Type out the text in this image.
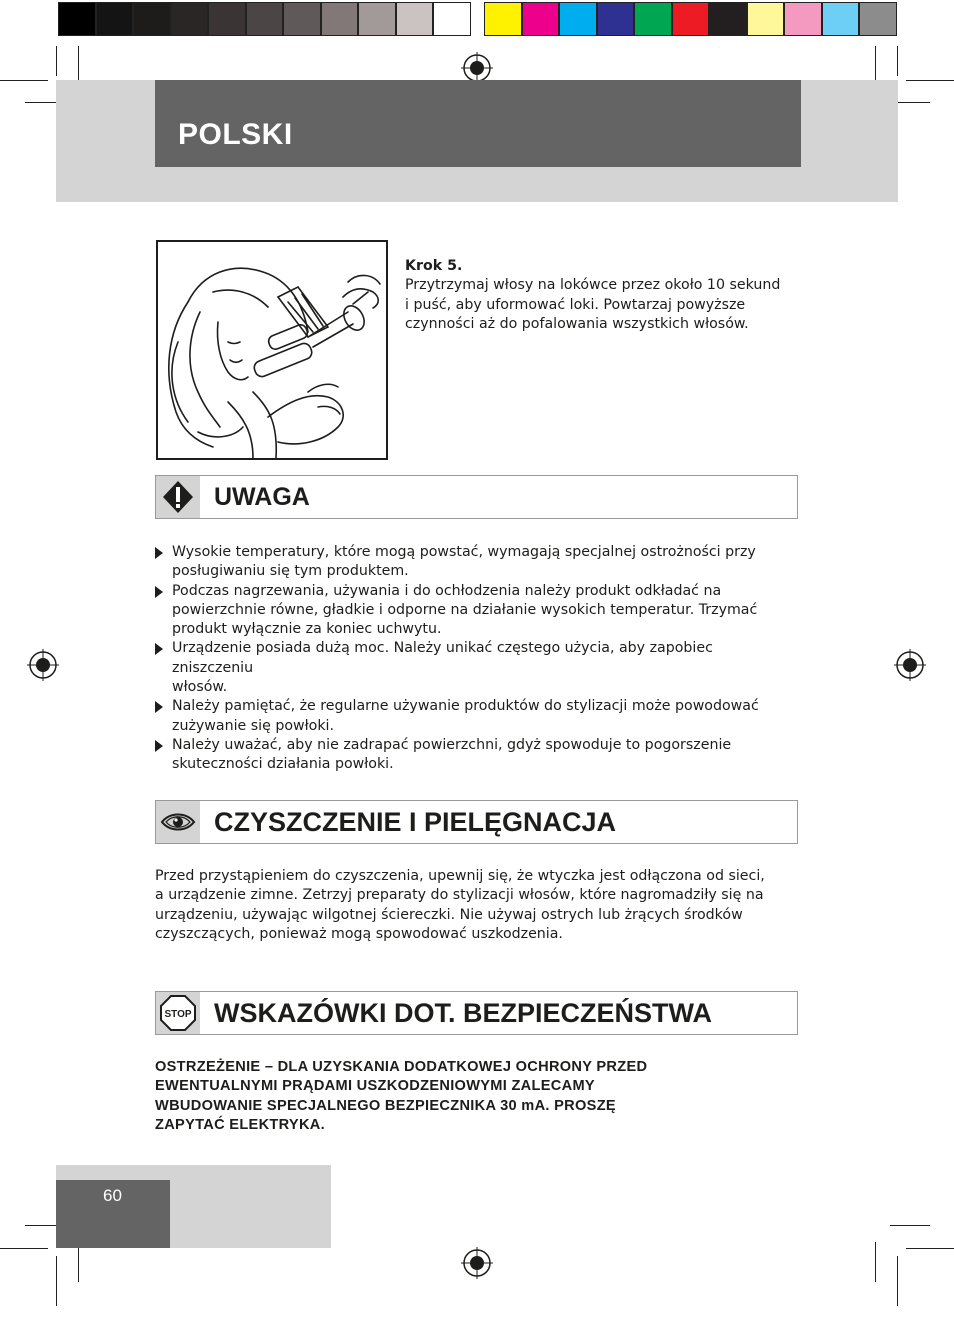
POLSKI
Krok 5.
Przytrzymaj włosy na lokówce przez około 10 sekund
i puść, aby uformować loki. Powtarzaj powyższe
czynności aż do pofalowania wszystkich włosów.
UWAGA
Wysokie temperatury, które mogą powstać, wymagają specjalnej ostrożności przy
posługiwaniu się tym produktem.
Podczas nagrzewania, używania i do ochłodzenia należy produkt odkładać na
powierzchnie równe, gładkie i odporne na działanie wysokich temperatur. Trzymać
produkt wyłącznie za koniec uchwytu.
Urządzenie posiada dużą moc. Należy unikać częstego użycia, aby zapobiec zniszczeniu
włosów.
Należy pamiętać, że regularne używanie produktów do stylizacji może powodować
zużywanie się powłoki.
Należy uważać, aby nie zadrapać powierzchni, gdyż spowoduje to pogorszenie
skuteczności działania powłoki.
CZYSZCZENIE I PIELĘGNACJA

Przed przystąpieniem do czyszczenia, upewnij się, że wtyczka jest odłączona od sieci,
a urządzenie zimne. Zetrzyj preparaty do stylizacji włosów, które nagromadziły się na
urządzeniu, używając wilgotnej ściereczki. Nie używaj ostrych lub żrących środków
czyszczących, ponieważ mogą spowodować uszkodzenia.

STOP WSKAZÓWKI DOT. BEZPIECZEŃSTWA

OSTRZEŻENIE – DLA UZYSKANIA DODATKOWEJ OCHRONY PRZED
EWENTUALNYMI PRĄDAMI USZKODZENIOWYMI ZALECAMY
WBUDOWANIE SPECJALNEGO BEZPIECZNIKA 30 mA. PROSZĘ
ZAPYTAĆ ELEKTRYKA.

60
